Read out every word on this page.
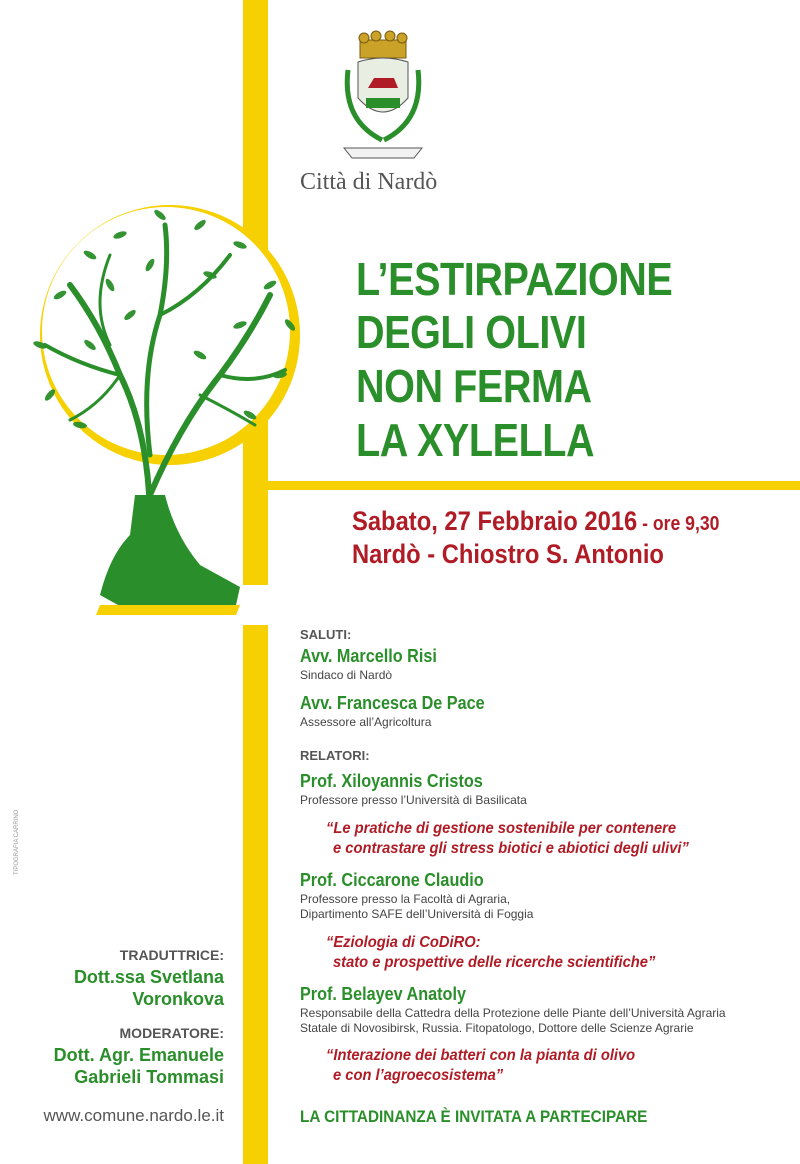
Città di Nardò
L’ESTIRPAZIONE
DEGLI OLIVI
NON FERMA
LA XYLELLA
Sabato, 27 Febbraio 2016 - ore 9,30
Nardò - Chiostro S. Antonio
SALUTI:
Avv. Marcello Risi
Sindaco di Nardò
Avv. Francesca De Pace
Assessore all’Agricoltura
RELATORI:
Prof. Xiloyannis Cristos
Professore presso l’Università di Basilicata
“Le pratiche di gestione sostenibile per contenere
e contrastare gli stress biotici e abiotici degli ulivi”
Prof. Ciccarone Claudio
Professore presso la Facoltà di Agraria,
Dipartimento SAFE dell’Università di Foggia
“Eziologia di CoDiRO:
stato e prospettive delle ricerche scientifiche”
Prof. Belayev Anatoly
Responsabile della Cattedra della Protezione delle Piante dell’Università Agraria
Statale di Novosibirsk, Russia. Fitopatologo, Dottore delle Scienze Agrarie
“Interazione dei batteri con la pianta di olivo
e con l’agroecosistema”
TRADUTTRICE:
Dott.ssa Svetlana
Voronkova
MODERATORE:
Dott. Agr. Emanuele
Gabrieli Tommasi
www.comune.nardo.le.it	LA CITTADINANZA È INVITATA A PARTECIPARE
TIPOGRAFIA CARRINO
